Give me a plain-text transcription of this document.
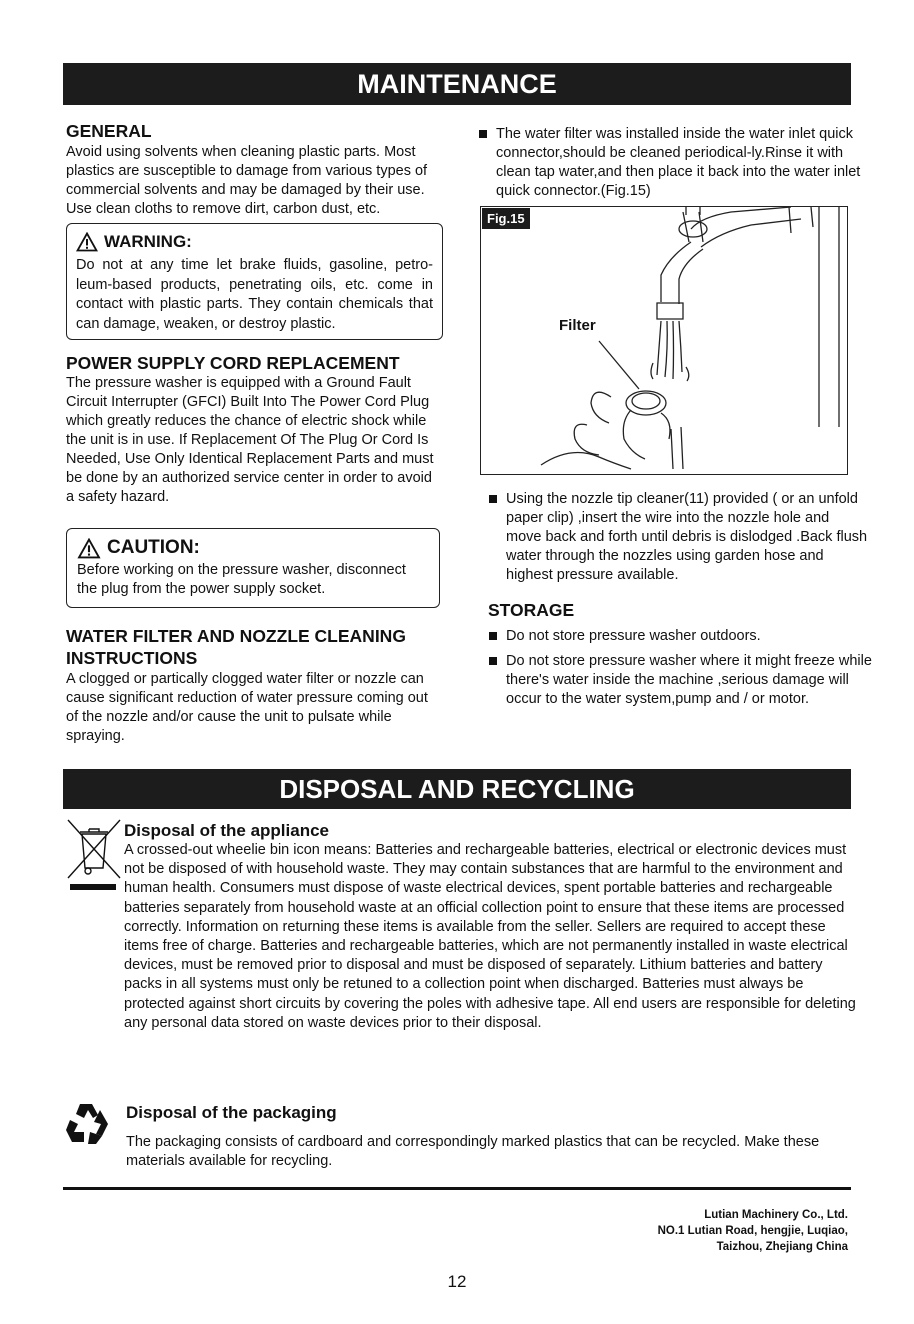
MAINTENANCE
GENERAL
Avoid using solvents when cleaning plastic parts. Most plastics are susceptible to damage from various types of commercial solvents and may be damaged by their use. Use clean cloths to remove dirt, carbon dust, etc.
WARNING:
Do not at any time let brake fluids, gasoline, petro-leum-based products, penetrating oils, etc. come in contact with plastic parts. They contain chemicals that can damage, weaken, or destroy plastic.
POWER SUPPLY CORD REPLACEMENT
The pressure washer is equipped with a Ground Fault Circuit Interrupter (GFCI) Built Into The Power Cord Plug which greatly reduces the chance of electric shock while the unit is in use. If Replacement Of The Plug Or Cord Is Needed, Use Only Identical Replacement Parts and must be done by an authorized service center in order to avoid a safety hazard.
CAUTION:
Before working on the pressure washer, disconnect the plug from the power supply socket.
WATER FILTER AND NOZZLE CLEANING
INSTRUCTIONS
A clogged or partically clogged water filter or nozzle can cause significant reduction of water pressure coming out of the nozzle and/or cause the unit to pulsate while spraying.
The water filter was installed inside the water inlet quick connector,should be cleaned periodical-ly.Rinse it with clean tap water,and then place it back into the water inlet quick connector.(Fig.15)
Fig.15
Filter
Using the nozzle tip cleaner(11) provided ( or an unfold paper clip) ,insert the wire into the nozzle hole and move back and forth until debris is dislodged .Back flush water through the nozzles using garden hose and highest pressure available.
STORAGE
Do not store pressure washer outdoors.
Do not store pressure washer where it might freeze while there's water inside the machine ,serious damage will occur to the water system,pump and / or motor.
DISPOSAL AND RECYCLING
Disposal of the appliance
A crossed-out wheelie bin icon means: Batteries and rechargeable batteries, electrical or electronic devices must not be disposed of with household waste. They may contain substances that are harmful to the environment and human health. Consumers must dispose of waste electrical devices, spent portable batteries and rechargeable batteries separately from household waste at an official collection point to ensure that these items are processed correctly. Information on returning these items is available from the seller. Sellers are required to accept these items free of charge. Batteries and rechargeable batteries, which are not permanently installed in waste electrical devices, must be removed prior to disposal and must be disposed of separately. Lithium batteries and battery packs in all systems must only be retuned to a collection point when discharged. Batteries must always be protected against short circuits by covering the poles with adhesive tape. All end users are responsible for deleting any personal data stored on waste devices prior to their disposal.
Disposal of the packaging
The packaging consists of cardboard and correspondingly marked plastics that can be recycled. Make these materials available for recycling.
Lutian Machinery Co., Ltd.
NO.1 Lutian Road, hengjie, Luqiao,
Taizhou, Zhejiang China
12
